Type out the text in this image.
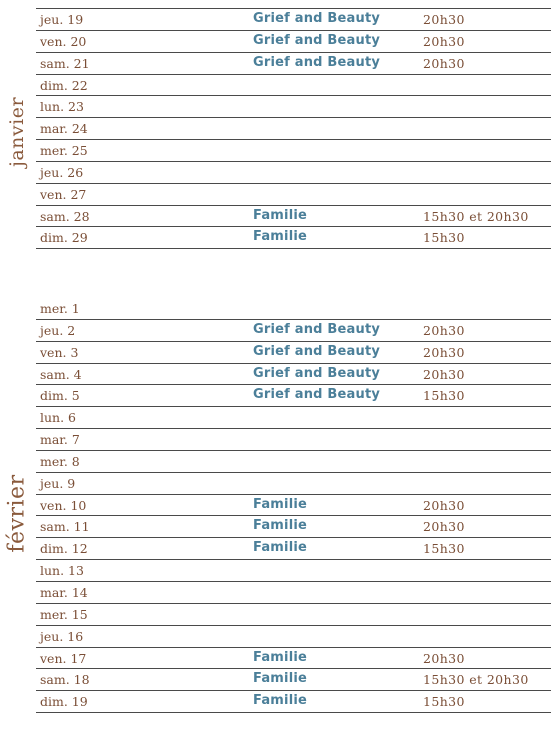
janvier
jeu. 19	Grief and Beauty	20h30
ven. 20	Grief and Beauty	20h30
sam. 21	Grief and Beauty	20h30
dim. 22
lun. 23
mar. 24
mer. 25
jeu. 26
ven. 27
sam. 28	Familie	15h30 et 20h30
dim. 29	Familie	15h30
février
mer. 1
jeu. 2	Grief and Beauty	20h30
ven. 3	Grief and Beauty	20h30
sam. 4	Grief and Beauty	20h30
dim. 5	Grief and Beauty	15h30
lun. 6
mar. 7
mer. 8
jeu. 9
ven. 10	Familie	20h30
sam. 11	Familie	20h30
dim. 12	Familie	15h30
lun. 13
mar. 14
mer. 15
jeu. 16
ven. 17	Familie	20h30
sam. 18	Familie	15h30 et 20h30
dim. 19	Familie	15h30
